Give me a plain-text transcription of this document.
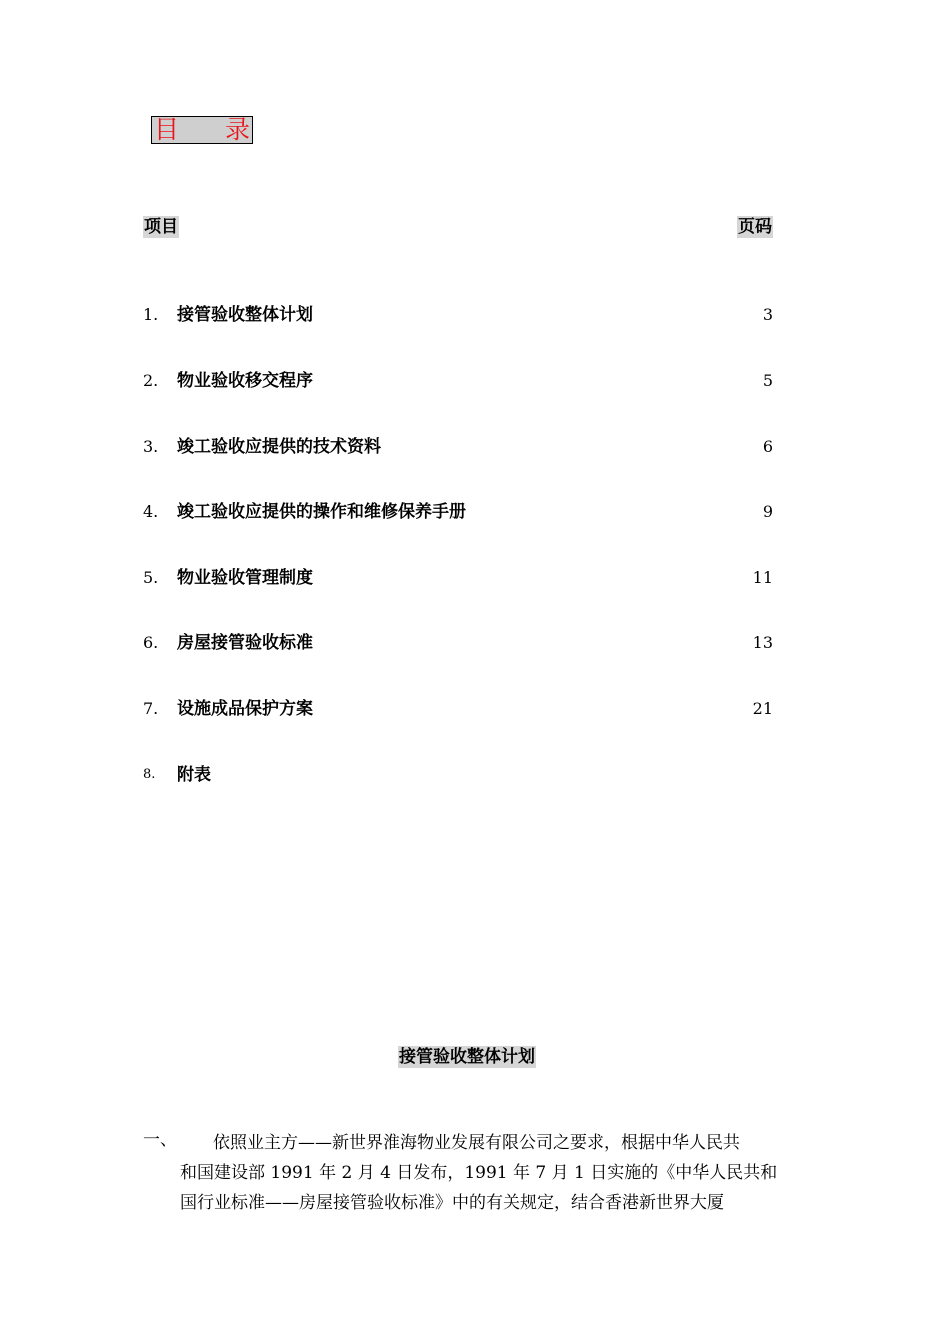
目 录
项目	页码
1. 接管验收整体计划	3
2. 物业验收移交程序	5
3. 竣工验收应提供的技术资料	6
4. 竣工验收应提供的操作和维修保养手册	9
5. 物业验收管理制度	11
6. 房屋接管验收标准	13
7. 设施成品保护方案	21
8. 附表
接管验收整体计划
一、	依照业主方——新世界淮海物业发展有限公司之要求，根据中华人民共
和国建设部 1991 年 2 月 4 日发布，1991 年 7 月 1 日实施的《中华人民共和
国行业标准——房屋接管验收标准》中的有关规定，结合香港新世界大厦
